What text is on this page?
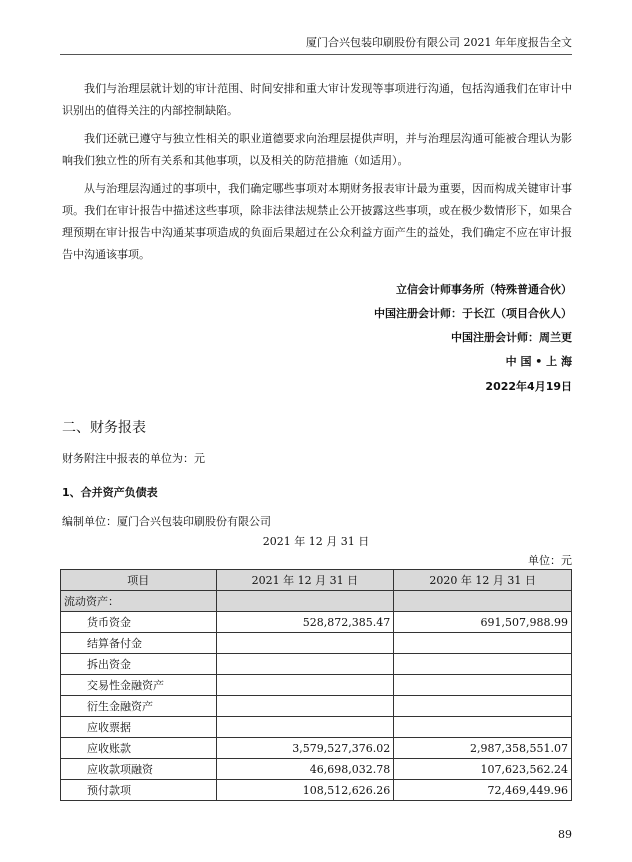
厦门合兴包装印刷股份有限公司 2021 年年度报告全文

我们与治理层就计划的审计范围、时间安排和重大审计发现等事项进行沟通，包括沟通我们在审计中识别出的值得关注的内部控制缺陷。

我们还就已遵守与独立性相关的职业道德要求向治理层提供声明，并与治理层沟通可能被合理认为影响我们独立性的所有关系和其他事项，以及相关的防范措施（如适用）。

从与治理层沟通过的事项中，我们确定哪些事项对本期财务报表审计最为重要，因而构成关键审计事项。我们在审计报告中描述这些事项，除非法律法规禁止公开披露这些事项，或在极少数情形下，如果合理预期在审计报告中沟通某事项造成的负面后果超过在公众利益方面产生的益处，我们确定不应在审计报告中沟通该事项。

立信会计师事务所（特殊普通合伙）
中国注册会计师：于长江（项目合伙人）
中国注册会计师：周兰更
中 国 • 上 海
2022年4月19日
二、财务报表
财务附注中报表的单位为：元
1、合并资产负债表
编制单位：厦门合兴包装印刷股份有限公司
2021 年 12 月 31 日
单位：元
项目	2021 年 12 月 31 日	2020 年 12 月 31 日
流动资产：		
货币资金	528,872,385.47	691,507,988.99
结算备付金		
拆出资金		
交易性金融资产		
衍生金融资产		
应收票据		
应收账款	3,579,527,376.02	2,987,358,551.07
应收款项融资	46,698,032.78	107,623,562.24
预付款项	108,512,626.26	72,469,449.96
89
